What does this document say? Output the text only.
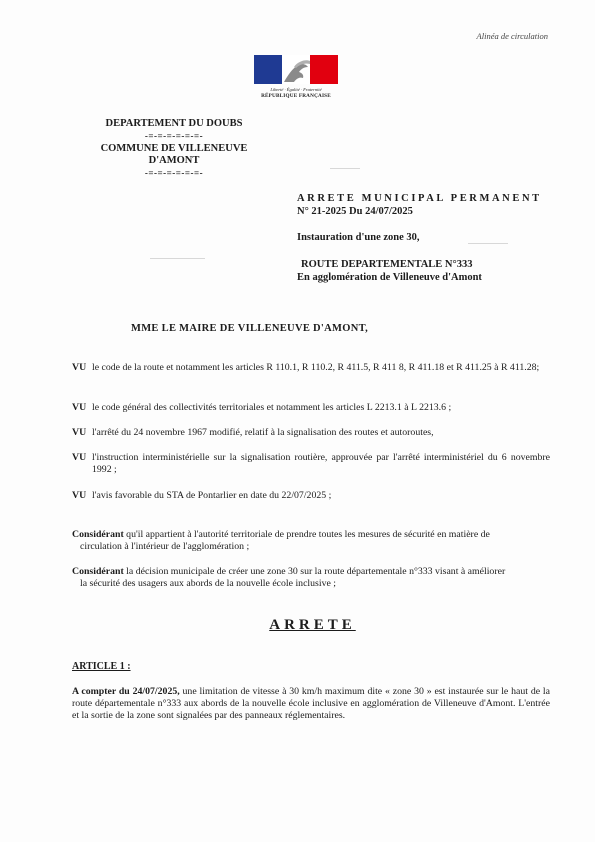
Alinéa de circulation
Liberté · Égalité · Fraternité
RÉPUBLIQUE FRANÇAISE
DEPARTEMENT DU DOUBS
-=-=-=-=-=-=-
COMMUNE DE VILLENEUVE
D'AMONT
-=-=-=-=-=-=-
ARRETE MUNICIPAL PERMANENT
N° 21-2025 Du 24/07/2025
Instauration d'une zone 30,
ROUTE DEPARTEMENTALE N°333
En agglomération de Villeneuve d'Amont
MME LE MAIRE DE VILLENEUVE D'AMONT,
VU le code de la route et notamment les articles R 110.1, R 110.2, R 411.5, R 411 8, R 411.18 et R 411.25 à R 411.28;
VU le code général des collectivités territoriales et notamment les articles L 2213.1 à L 2213.6 ;
VU l'arrêté du 24 novembre 1967 modifié, relatif à la signalisation des routes et autoroutes,
VU l'instruction interministérielle sur la signalisation routière, approuvée par l'arrêté interministériel du 6 novembre 1992 ;
VU l'avis favorable du STA de Pontarlier en date du 22/07/2025 ;
Considérant qu'il appartient à l'autorité territoriale de prendre toutes les mesures de sécurité en matière de
circulation à l'intérieur de l'agglomération ;
Considérant la décision municipale de créer une zone 30 sur la route départementale n°333 visant à améliorer
la sécurité des usagers aux abords de la nouvelle école inclusive ;
ARRETE
ARTICLE 1 :
A compter du 24/07/2025, une limitation de vitesse à 30 km/h maximum dite « zone 30 » est instaurée sur le haut de la route départementale n°333 aux abords de la nouvelle école inclusive en agglomération de Villeneuve d'Amont. L'entrée et la sortie de la zone sont signalées par des panneaux réglementaires.
